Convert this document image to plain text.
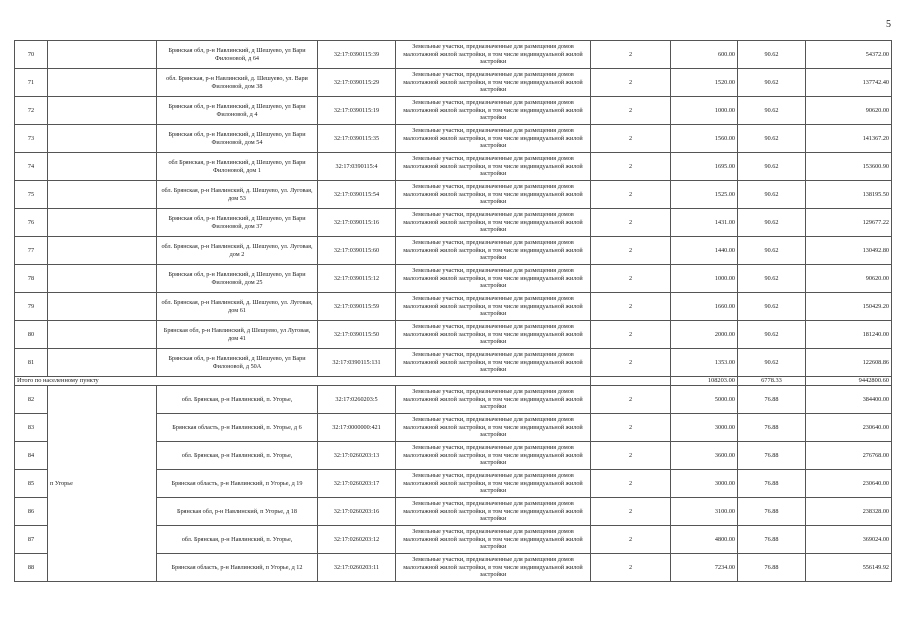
5
70		Брянская обл, р-н Навлинский, д Шешуево, ул Вари Филоновой, д 64	32:17:0390115:39	Земельные участки, предназначенные для размещения домов малоэтажной жилой застройки, в том числе индивидуальной жилой застройки	2	600.00	90.62	54372.00
71		обл. Брянская, р-н Навлинский, д. Шешуево, ул. Вари Филоновой, дом 38	32:17:0390115:29	Земельные участки, предназначенные для размещения домов малоэтажной жилой застройки, в том числе индивидуальной жилой застройки	2	1520.00	90.62	137742.40
72		Брянская обл, р-н Навлинский, д Шешуево, ул Вари Филоновой, д 4	32:17:0390115:19	Земельные участки, предназначенные для размещения домов малоэтажной жилой застройки, в том числе индивидуальной жилой застройки	2	1000.00	90.62	90620.00
73		Брянская обл, р-н Навлинский, д Шешуево, ул Вари Филоновой, дом 54	32:17:0390115:35	Земельные участки, предназначенные для размещения домов малоэтажной жилой застройки, в том числе индивидуальной жилой застройки	2	1560.00	90.62	141367.20
74		обл Брянская, р-н Навлинский, д Шешуево, ул Вари Филоновой, дом 1	32:17:0390115:4	Земельные участки, предназначенные для размещения домов малоэтажной жилой застройки, в том числе индивидуальной жилой застройки	2	1695.00	90.62	153600.90
75		обл. Брянская, р-н Навлинский, д. Шешуево, ул. Луговая, дом 53	32:17:0390115:54	Земельные участки, предназначенные для размещения домов малоэтажной жилой застройки, в том числе индивидуальной жилой застройки	2	1525.00	90.62	138195.50
76		Брянская обл, р-н Навлинский, д Шешуево, ул Вари Филоновой, дом 37	32:17:0390115:16	Земельные участки, предназначенные для размещения домов малоэтажной жилой застройки, в том числе индивидуальной жилой застройки	2	1431.00	90.62	129677.22
77		обл. Брянская, р-н Навлинский, д. Шешуево, ул. Луговая, дом 2	32:17:0390115:60	Земельные участки, предназначенные для размещения домов малоэтажной жилой застройки, в том числе индивидуальной жилой застройки	2	1440.00	90.62	130492.80
78		Брянская обл, р-н Навлинский, д Шешуево, ул Вари Филоновой, дом 25	32:17:0390115:12	Земельные участки, предназначенные для размещения домов малоэтажной жилой застройки, в том числе индивидуальной жилой застройки	2	1000.00	90.62	90620.00
79		обл. Брянская, р-н Навлинский, д. Шешуево, ул. Луговая, дом 61	32:17:0390115:59	Земельные участки, предназначенные для размещения домов малоэтажной жилой застройки, в том числе индивидуальной жилой застройки	2	1660.00	90.62	150429.20
80		Брянская обл, р-н Навлинский, д Шешуево, ул Луговая, дом 41	32:17:0390115:50	Земельные участки, предназначенные для размещения домов малоэтажной жилой застройки, в том числе индивидуальной жилой застройки	2	2000.00	90.62	181240.00
81		Брянская обл, р-н Навлинский, д Шешуево, ул Вари Филоновой, д 50А	32:17:0390115:131	Земельные участки, предназначенные для размещения домов малоэтажной жилой застройки, в том числе индивидуальной жилой застройки	2	1353.00	90.62	122608.86
Итого по населенному пункту						108203.00	6778.33	9442800.60
82	п Угорье	обл. Брянская, р-н Навлинский, п. Угорье,	32:17:0260203:5	Земельные участки, предназначенные для размещения домов малоэтажной жилой застройки, в том числе индивидуальной жилой застройки	2	5000.00	76.88	384400.00
83		Брянская область, р-н Навлинский, п. Угорье, д 6	32:17:0000000:421	Земельные участки, предназначенные для размещения домов малоэтажной жилой застройки, в том числе индивидуальной жилой застройки	2	3000.00	76.88	230640.00
84		обл. Брянская, р-н Навлинский, п. Угорье,	32:17:0260203:13	Земельные участки, предназначенные для размещения домов малоэтажной жилой застройки, в том числе индивидуальной жилой застройки	2	3600.00	76.88	276768.00
85		Брянская область, р-н Навлинский, п Угорье, д 19	32:17:0260203:17	Земельные участки, предназначенные для размещения домов малоэтажной жилой застройки, в том числе индивидуальной жилой застройки	2	3000.00	76.88	230640.00
86		Брянская обл, р-н Навлинский, п Угорье, д 18	32:17:0260203:16	Земельные участки, предназначенные для размещения домов малоэтажной жилой застройки, в том числе индивидуальной жилой застройки	2	3100.00	76.88	238328.00
87		обл. Брянская, р-н Навлинский, п. Угорье,	32:17:0260203:12	Земельные участки, предназначенные для размещения домов малоэтажной жилой застройки, в том числе индивидуальной жилой застройки	2	4800.00	76.88	369024.00
88		Брянская область, р-н Навлинский, п Угорье, д 12	32:17:0260203:11	Земельные участки, предназначенные для размещения домов малоэтажной жилой застройки, в том числе индивидуальной жилой застройки	2	7234.00	76.88	556149.92
